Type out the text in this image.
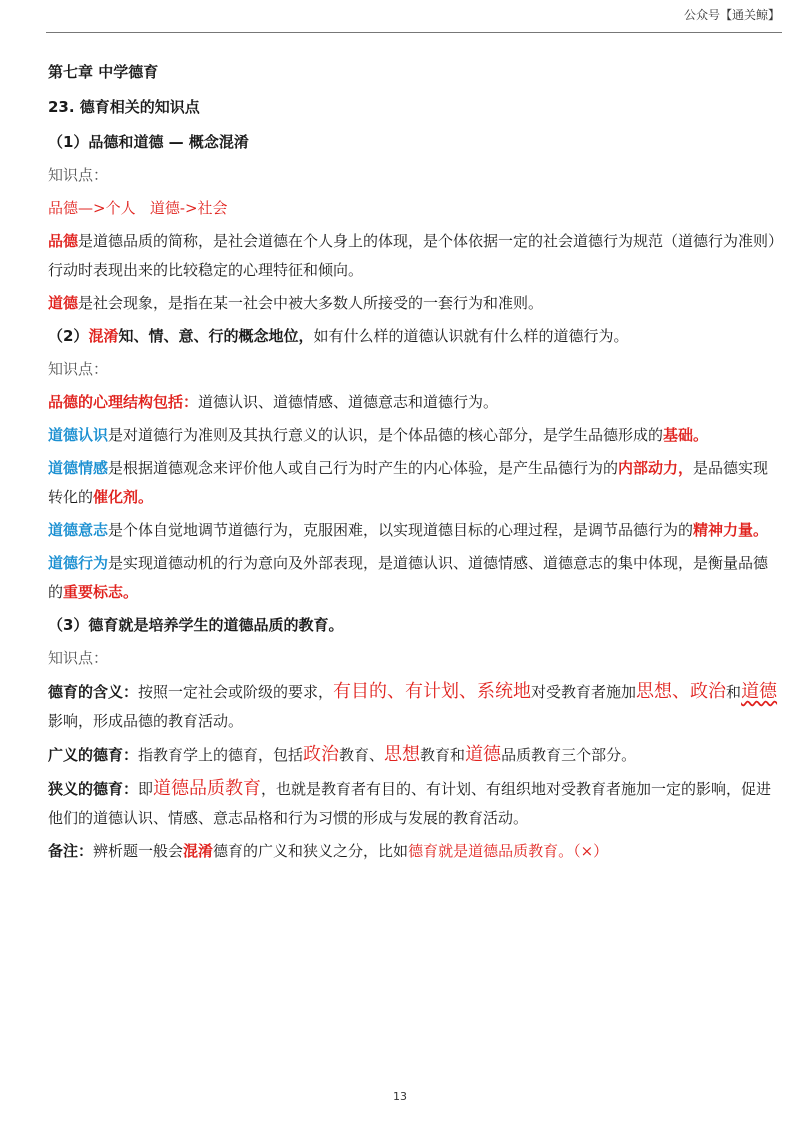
公众号【通关鲸】
第七章 中学德育
23. 德育相关的知识点
（1）品德和道德 — 概念混淆
知识点：
品德—>个人   道德->社会
品德是道德品质的简称，是社会道德在个人身上的体现，是个体依据一定的社会道德行为规范（道德行为准则）行动时表现出来的比较稳定的心理特征和倾向。
道德是社会现象，是指在某一社会中被大多数人所接受的一套行为和准则。
（2）混淆知、情、意、行的概念地位，如有什么样的道德认识就有什么样的道德行为。
知识点：
品德的心理结构包括：道德认识、道德情感、道德意志和道德行为。
道德认识是对道德行为准则及其执行意义的认识，是个体品德的核心部分，是学生品德形成的基础。
道德情感是根据道德观念来评价他人或自己行为时产生的内心体验，是产生品德行为的内部动力，是品德实现转化的催化剂。
道德意志是个体自觉地调节道德行为，克服困难，以实现道德目标的心理过程，是调节品德行为的精神力量。
道德行为是实现道德动机的行为意向及外部表现，是道德认识、道德情感、道德意志的集中体现，是衡量品德的重要标志。
（3）德育就是培养学生的道德品质的教育。
知识点：
德育的含义：按照一定社会或阶级的要求，有目的、有计划、系统地对受教育者施加思想、政治和道德影响，形成品德的教育活动。
广义的德育：指教育学上的德育，包括政治教育、思想教育和道德品质教育三个部分。
狭义的德育：即道德品质教育，也就是教育者有目的、有计划、有组织地对受教育者施加一定的影响，促进他们的道德认识、情感、意志品格和行为习惯的形成与发展的教育活动。
备注：辨析题一般会混淆德育的广义和狭义之分，比如德育就是道德品质教育。（×）
13
